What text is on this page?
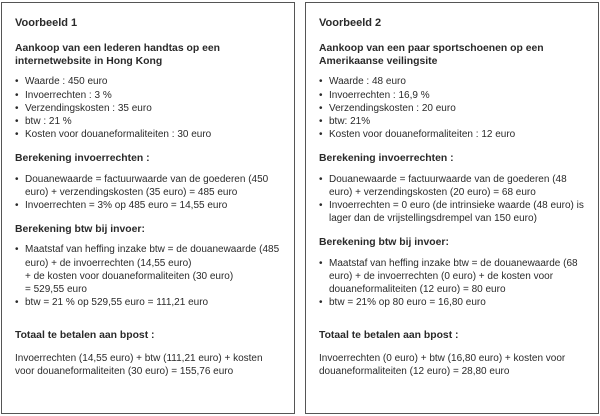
Voorbeeld 1
Aankoop van een lederen handtas op een internetwebsite in Hong Kong
• Waarde : 450 euro
• Invoerrechten : 3 %
• Verzendingskosten : 35 euro
• btw : 21 %
• Kosten voor douaneformaliteiten : 30 euro
Berekening invoerrechten :
• Douanewaarde = factuurwaarde van de goederen (450 euro) + verzendingskosten (35 euro) = 485 euro
• Invoerrechten = 3% op 485 euro = 14,55 euro
Berekening btw bij invoer:
• Maatstaf van heffing inzake btw = de douanewaarde (485 euro) + de invoerrechten (14,55 euro)
+ de kosten voor douaneformaliteiten (30 euro)
= 529,55 euro
• btw = 21 % op 529,55 euro = 111,21 euro
Totaal te betalen aan bpost :

Invoerrechten (14,55 euro) + btw (111,21 euro) + kosten voor douaneformaliteiten (30 euro) = 155,76 euro

Voorbeeld 2
Aankoop van een paar sportschoenen op een Amerikaanse veilingsite
• Waarde : 48 euro
• Invoerrechten : 16,9 %
• Verzendingskosten : 20 euro
• btw: 21%
• Kosten voor douaneformaliteiten : 12 euro
Berekening invoerrechten :
• Douanewaarde = factuurwaarde van de goederen (48 euro) + verzendingskosten (20 euro) = 68 euro
• Invoerrechten = 0 euro (de intrinsieke waarde (48 euro) is lager dan de vrijstellingsdrempel van 150 euro)
Berekening btw bij invoer:
• Maatstaf van heffing inzake btw = de douanewaarde (68 euro) + de invoerrechten (0 euro) + de kosten voor douaneformaliteiten (12 euro) = 80 euro
• btw = 21% op 80 euro = 16,80 euro
Totaal te betalen aan bpost :

Invoerrechten (0 euro) + btw (16,80 euro) + kosten voor douaneformaliteiten (12 euro) = 28,80 euro
